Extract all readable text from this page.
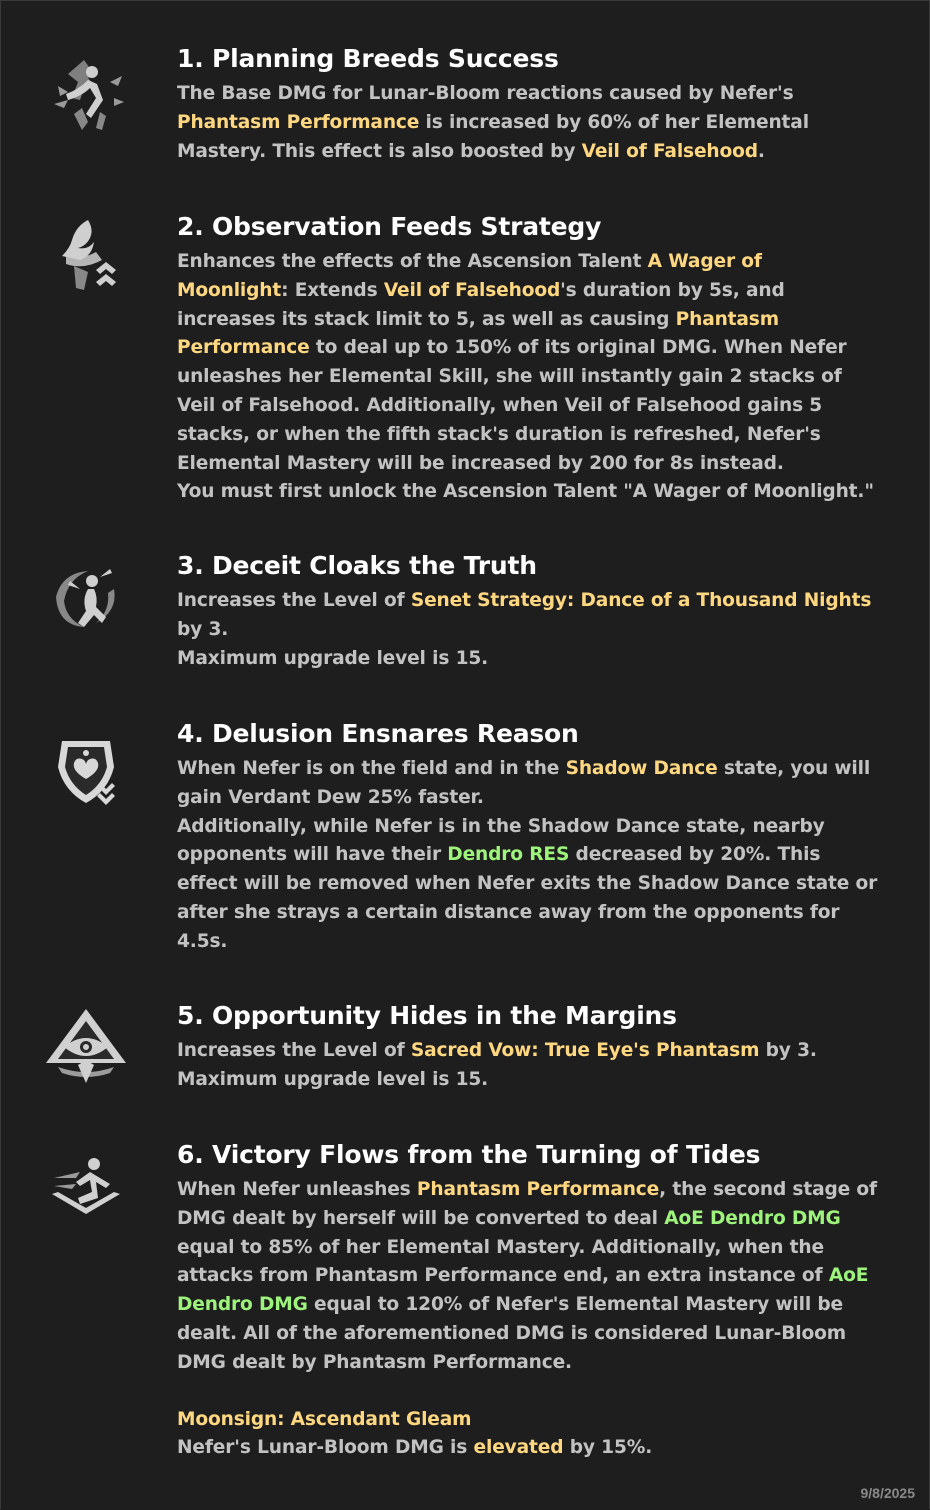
1. Planning Breeds Success

The Base DMG for Lunar-Bloom reactions caused by Nefer's

Phantasm Performance is increased by 60% of her Elemental

Mastery. This effect is also boosted by Veil of Falsehood.

2. Observation Feeds Strategy

Enhances the effects of the Ascension Talent A Wager of

Moonlight: Extends Veil of Falsehood's duration by 5s, and

increases its stack limit to 5, as well as causing Phantasm

Performance to deal up to 150% of its original DMG. When Nefer

unleashes her Elemental Skill, she will instantly gain 2 stacks of

Veil of Falsehood. Additionally, when Veil of Falsehood gains 5

stacks, or when the fifth stack's duration is refreshed, Nefer's

Elemental Mastery will be increased by 200 for 8s instead.

You must first unlock the Ascension Talent "A Wager of Moonlight."

3. Deceit Cloaks the Truth

Increases the Level of Senet Strategy: Dance of a Thousand Nights

by 3.

Maximum upgrade level is 15.

4. Delusion Ensnares Reason

When Nefer is on the field and in the Shadow Dance state, you will

gain Verdant Dew 25% faster.

Additionally, while Nefer is in the Shadow Dance state, nearby

opponents will have their Dendro RES decreased by 20%. This

effect will be removed when Nefer exits the Shadow Dance state or

after she strays a certain distance away from the opponents for

4.5s.

5. Opportunity Hides in the Margins

Increases the Level of Sacred Vow: True Eye's Phantasm by 3.

Maximum upgrade level is 15.

6. Victory Flows from the Turning of Tides

When Nefer unleashes Phantasm Performance, the second stage of

DMG dealt by herself will be converted to deal AoE Dendro DMG

equal to 85% of her Elemental Mastery. Additionally, when the

attacks from Phantasm Performance end, an extra instance of AoE

Dendro DMG equal to 120% of Nefer's Elemental Mastery will be

dealt. All of the aforementioned DMG is considered Lunar-Bloom

DMG dealt by Phantasm Performance.

Moonsign: Ascendant Gleam

Nefer's Lunar-Bloom DMG is elevated by 15%.

9/8/2025
